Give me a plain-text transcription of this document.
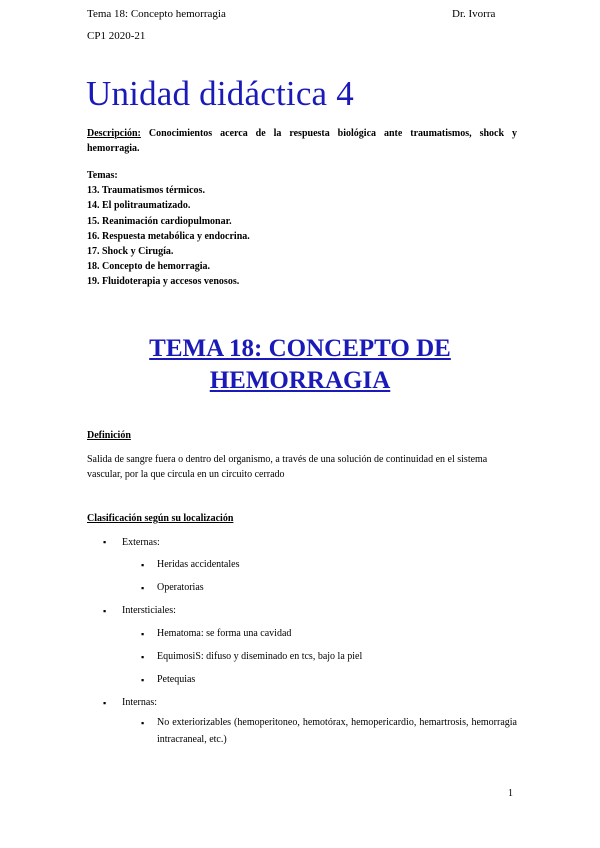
Tema 18: Concepto hemorragia	Dr. Ivorra
CP1 2020-21
Unidad didáctica 4
Descripción: Conocimientos acerca de la respuesta biológica ante traumatismos, shock y hemorragia.
Temas:
13. Traumatismos térmicos.
14. El politraumatizado.
15. Reanimación cardiopulmonar.
16. Respuesta metabólica y endocrina.
17. Shock y Cirugía.
18. Concepto de hemorragia.
19. Fluidoterapia y accesos venosos.
TEMA 18: CONCEPTO DE
HEMORRAGIA
Definición
Salida de sangre fuera o dentro del organismo, a través de una solución de continuidad en el sistema vascular, por la que circula en un circuito cerrado
Clasificación según su localización
▪ Externas:
▪ Heridas accidentales
▪ Operatorias
▪ Intersticiales:
▪ Hematoma: se forma una cavidad
▪ EquimosiS: difuso y diseminado en tcs, bajo la piel
▪ Petequias
▪ Internas:
▪ No exteriorizables (hemoperitoneo, hemotórax, hemopericardio, hemartrosis, hemorragia intracraneal, etc.)
1
